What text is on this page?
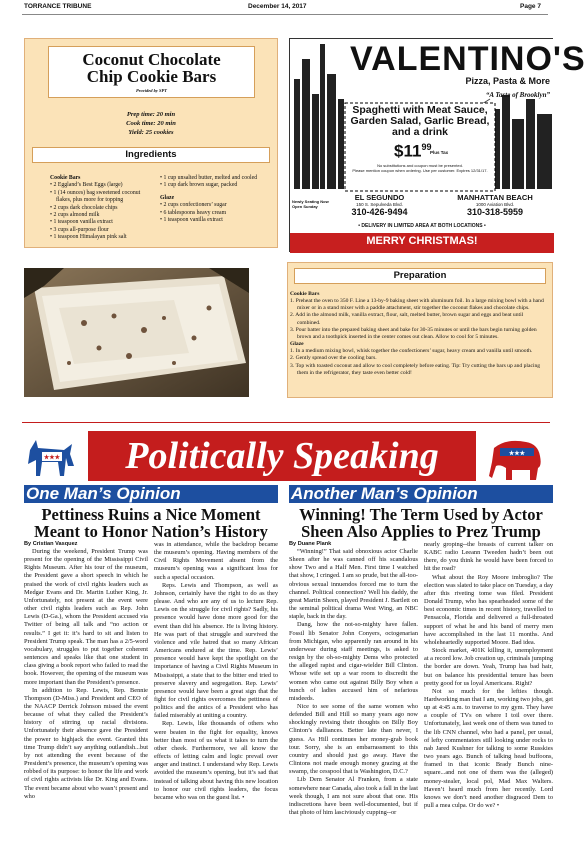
TORRANCE TRIBUNE	December 14, 2017	Page 7
Coconut Chocolate
Chip Cookie Bars
Provided by SPT
Prep time: 20 min
Cook time: 20 min
Yield: 25 cookies
Ingredients
Cookie Bars
• 2 Eggland’s Best Eggs (large)
• 1 (14 ounces) bag sweetened coconut flakes, plus more for topping
• 2 cups dark chocolate chips
• 2 cups almond milk
• 1 teaspoon vanilla extract
• 3 cups all-purpose flour
• 1 teaspoon Himalayan pink salt
• 1 cup unsalted butter, melted and cooled
• 1 cup dark brown sugar, packed
Glaze
• 2 cups confectioners’ sugar
• 6 tablespoons heavy cream
• 1 teaspoon vanilla extract
VALENTINO'S
Pizza, Pasta & More
“A Taste of Brooklyn”
Spaghetti with Meat Sauce,
Garden Salad, Garlic Bread,
and a drink
$\$11^{99}$
Plus Tax
No substitutions and coupon must be presented.
Please mention coupon when ordering. Use per customer. Expires 12/31/17.
Newly Seating Now Open Sunday
EL SEGUNDO
150 S. Sepulveda Blvd.
310-426-9494
MANHATTAN BEACH
1000 Aviation Blvd.
310-318-5959
• DELIVERY IN LIMITED AREA AT BOTH LOCATIONS •
MERRY CHRISTMAS!
Preparation
Cookie Bars
1. Preheat the oven to 350 F. Line a 13-by-9 baking sheet with aluminum foil. In a large mixing bowl with a hand mixer or in a stand mixer with a paddle attachment, stir together the coconut flakes and chocolate chips.
2. Add in the almond milk, vanilla extract, flour, salt, melted butter, brown sugar and eggs and beat until combined.
3. Pour batter into the prepared baking sheet and bake for 30-35 minutes or until the bars begin turning golden brown and a toothpick inserted in the center comes out clean. Allow to cool for 5 minutes.
Glaze
1. In a medium mixing bowl, whisk together the confectioners’ sugar, heavy cream and vanilla until smooth.
2. Gently spread over the cooling bars.
3. Top with toasted coconut and allow to cool completely before eating. Tip: Try cutting the bars up and placing them in the refrigerator, they taste even better cold!
★★★	Politically Speaking	★★★
One Man’s Opinion	Another Man’s Opinion
Pettiness Ruins a Nice Moment Meant to Honor Nation’s History
By Cristian Vasquez

During the weekend, President Trump was present for the opening of the Mississippi Civil Rights Museum. After his tour of the museum, the President gave a short speech in which he praised the work of civil rights leaders such as Medgar Evans and Dr. Martin Luther King, Jr. Unfortunately, not present at the event were other civil rights leaders such as Rep. John Lewis (D-Ga.), whom the President accused via Twitter of being all talk and “no action or results.” I get it: it’s hard to sit and listen to President Trump speak. The man has a 2/5-word vocabulary, struggles to put together coherent sentences and speaks like that one student in class giving a book report who failed to read the book. However, the opening of the museum was more important than the President’s presence.

In addition to Rep. Lewis, Rep. Bennie Thompson (D-Miss.) and President and CEO of the NAACP Derrick Johnson missed the event because of what they called the President’s history of stirring up racial divisions. Unfortunately their absence gave the President the power to highjack the event. Granted this time Trump didn’t say anything outlandish...but by not attending the event because of the President’s presence, the museum’s opening was robbed of its purpose: to honor the life and work of civil rights activists like Dr. King and Evans. The event became about who wasn’t present and who

was in attendance, while the backdrop became the museum’s opening. Having members of the Civil Rights Movement absent from the museum’s opening was a significant loss for such a special occasion.

Reps. Lewis and Thompson, as well as Johnson, certainly have the right to do as they please. And who are any of us to lecture Rep. Lewis on the struggle for civil rights? Sadly, his presence would have done more good for the event than did his absence. He is living history. He was part of that struggle and survived the violence and vile hatred that so many African Americans endured at the time. Rep. Lewis’ presence would have kept the spotlight on the importance of having a Civil Rights Museum in Mississippi, a state that to the bitter end tried to preserve slavery and segregation. Rep. Lewis’ presence would have been a great sign that the fight for civil rights overcomes the pettiness of politics and the antics of a President who has failed miserably at uniting a country.

Rep. Lewis, like thousands of others who were beaten in the fight for equality, knows better than most of us what it takes to turn the other cheek. Furthermore, we all know the effects of letting calm and logic prevail over anger and instinct. I understand why Rep. Lewis avoided the museum’s opening, but it’s sad that instead of talking about having this new location to honor our civil rights leaders, the focus became who was on the guest list. •

Winning! The Term Used by Actor Sheen Also Applies to Prez Trump
By Duane Plank

“Winning!” That said obnoxious actor Charlie Sheen after he was canned off his scandalous show Two and a Half Men. First time I watched that show, I cringed. I am so prude, but the all-too-obvious sexual innuendos forced me to turn the channel. Political connection? Well his daddy, the great Martin Sheen, played President J. Bartlett on the seminal political drama West Wing, an NBC staple, back in the day.

Dang, how the not-so-mighty have fallen. Fossil lib Senator John Conyers, octogenarian from Michigan, who apparently ran around in his underwear during staff meetings, is asked to resign by the oh-so-mighty Dems who protected the alleged rapist and cigar-wielder Bill Clinton. Whose wife set up a war room to discredit the women who came out against Billy Boy when a bunch of ladies accused him of nefarious misdeeds.

Nice to see some of the same women who defended Bill and Hill so many years ago now shockingly revising their thoughts on Billy Boy Clinton’s dalliances. Better late than never, I guess. As Hill continues her money-grab book tour. Sorry, she is an embarrassment to this country and should just go away. Have the Clintons not made enough money grazing at the swamp, the cesspool that is Washington, D.C.?

Lib Dem Senator Al Franken, from a state somewhere near Canada, also took a fall in the last week though, I am not sure about that one. His indiscretions have been well-documented, but if that photo of him lasciviously cupping--or

nearly groping--the breasts of current talker on KABC radio Leeann Tweeden hadn’t been out there, do you think he would have been forced to hit the road?

What about the Roy Moore imbroglio? The election was slated to take place on Tuesday, a day after this riveting tome was filed. President Donald Trump, who has spearheaded some of the best economic times in recent history, travelled to Pensacola, Florida and delivered a full-throated support of what he and his band of merry men have accomplished in the last 11 months. And wholeheartedly supported Moore. Bad idea.

Stock market, 401K killing it, unemployment at a record low. Job creation up, criminals jumping the border are down. Yeah, Trump has bad hair, but on balance his presidential tenure has been pretty good for us loyal Americans. Right?

Not so much for the lefties though. Hardworking man that I am, working two jobs, get up at 4:45 a.m. to traverse to my gym. They have a couple of TVs on where I toil over there. Unfortunately, last week one of them was tuned to the lib CNN channel, who had a panel, per usual, of lefty commentators still looking under rocks to nab Jared Kushner for talking to some Russkies two years ago. Bunch of talking head buffoons, framed in that iconic Brady Bunch nine-square...and not one of them was the (alleged) money-stealer, local pol, Mad Max Walters. Haven’t heard much from her recently. Lord knows we don’t need another disgraced Dem to pull a mea culpa. Or do we? •
